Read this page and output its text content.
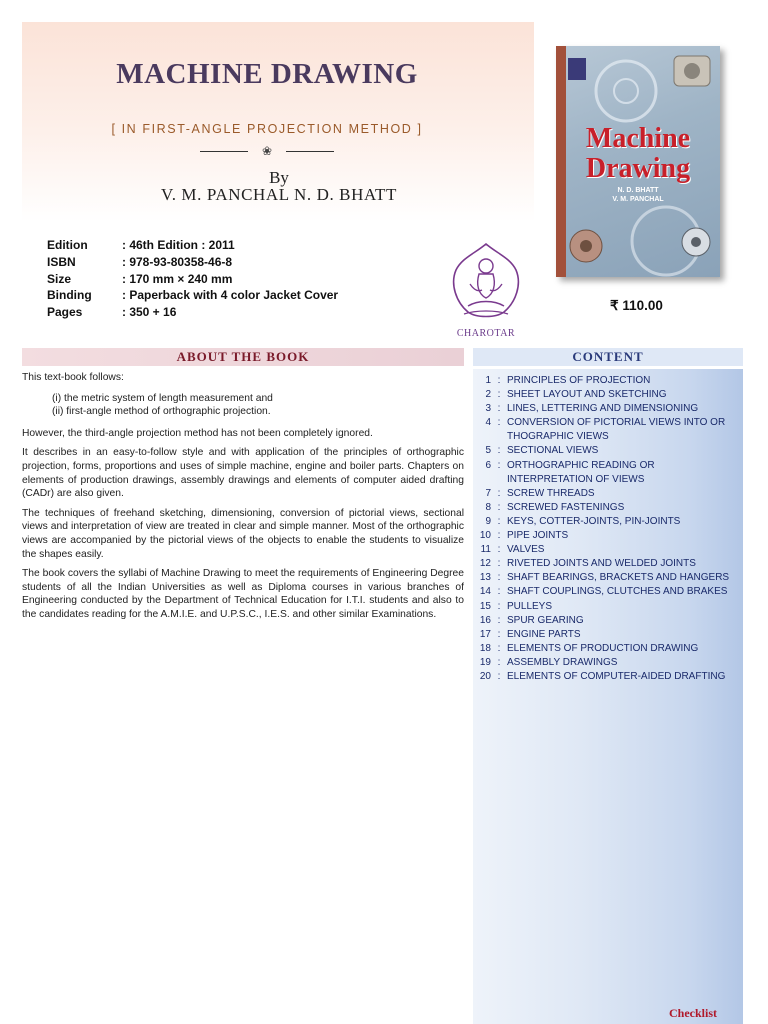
MACHINE DRAWING
[ IN FIRST-ANGLE PROJECTION METHOD ]
❀
By
V. M. PANCHAL N. D. BHATT
Edition	: 46th Edition : 2011
ISBN	: 978-93-80358-46-8
Size	: 170 mm × 240 mm
Binding	: Paperback with 4 color Jacket Cover
Pages	: 350 + 16
CHAROTAR
Machine
Drawing
N. D. BHATT
V. M. PANCHAL
₹ 110.00
ABOUT THE BOOK

This text-book follows:

(i) the metric system of length measurement and
(ii) first-angle method of orthographic projection.

However, the third-angle projection method has not been completely ignored.

It describes in an easy-to-follow style and with application of the principles of orthographic projection, forms, proportions and uses of simple machine, engine and boiler parts. Chapters on elements of production drawings, assembly drawings and elements of computer aided drafting (CADr) are also given.

The techniques of freehand sketching, dimensioning, conversion of pictorial views, sectional views and interpretation of view are treated in clear and simple manner. Most of the orthographic views are accompanied by the pictorial views of the objects to enable the students to visualize the shapes easily.

The book covers the syllabi of Machine Drawing to meet the requirements of Engineering Degree students of all the Indian Universities as well as Diploma courses in various branches of Engineering conducted by the Department of Technical Education for I.T.I. students and also to the candidates reading for the A.M.I.E. and U.P.S.C., I.E.S. and other similar Examinations.

CONTENT
1 : PRINCIPLES OF PROJECTION
2 : SHEET LAYOUT AND SKETCHING
3 : LINES, LETTERING AND DIMENSIONING
4 : CONVERSION OF PICTORIAL VIEWS INTO OR THOGRAPHIC VIEWS
5 : SECTIONAL VIEWS
6 : ORTHOGRAPHIC READING OR INTERPRETATION OF VIEWS
7 : SCREW THREADS
8 : SCREWED FASTENINGS
9 : KEYS, COTTER-JOINTS, PIN-JOINTS
10 : PIPE JOINTS
11 : VALVES
12 : RIVETED JOINTS AND WELDED JOINTS
13 : SHAFT BEARINGS, BRACKETS AND HANGERS
14 : SHAFT COUPLINGS, CLUTCHES AND BRAKES
15 : PULLEYS
16 : SPUR GEARING
17 : ENGINE PARTS
18 : ELEMENTS OF PRODUCTION DRAWING
19 : ASSEMBLY DRAWINGS
20 : ELEMENTS OF COMPUTER-AIDED DRAFTING
Checklist
